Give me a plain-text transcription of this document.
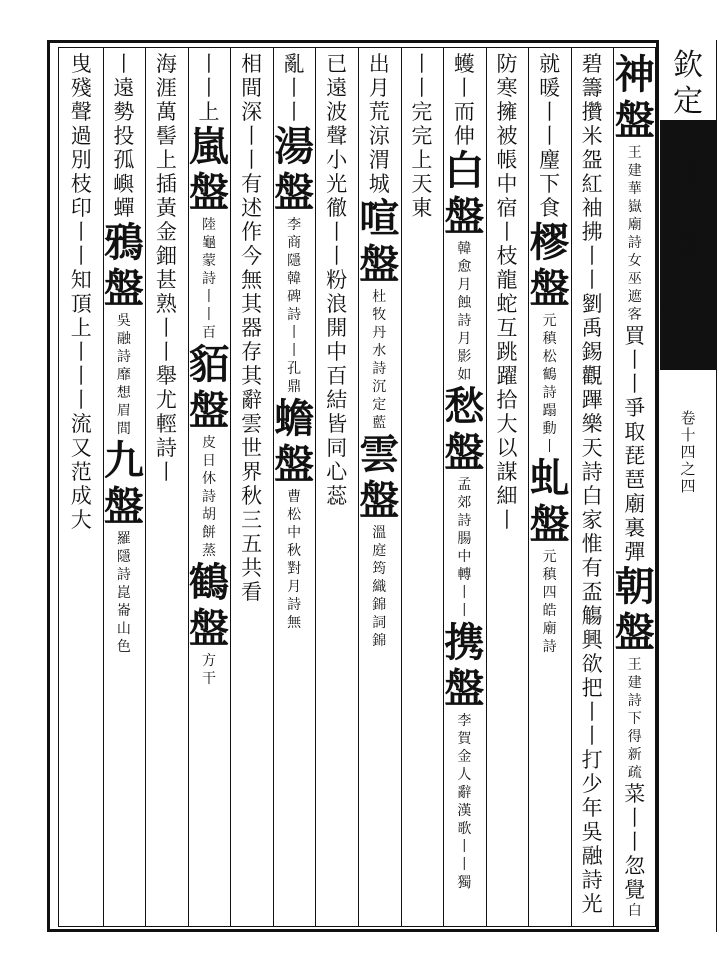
神
盤
王
建
華
嶽
廟
詩
女
巫
遮
客
買
丨
丨
爭
取
琵
琶
廟
裏
彈
朝
盤
王
建
詩
下
得
新
疏
菜
丨
丨
忽
覺
白
碧
籌
攢
米
盌
紅
袖
拂
丨
丨
劉
禹
錫
觀
蹕
樂
天
詩
白
家
惟
有
盃
觴
興
欲
把
丨
丨
打
少
年
吳
融
詩
光
就
暖
丨
丨
麈
下
食
樛
盤
元
稹
松
鶴
詩
蹋
動
丨
虬
盤
元
稹
四
皓
廟
詩
防
寒
擁
被
帳
中
宿
丨
枝
龍
蛇
互
跳
躍
拾
大
以
謀
細
丨
蠖
丨
而
伸
白
盤
韓
愈
月
蝕
詩
月
影
如
愁
盤
孟
郊
詩
腸
中
轉
丨
丨
携
盤
李
賀
金
人
辭
漢
歌
丨
丨
獨
丨
丨
完
完
上
天
東
出
月
荒
涼
渭
城
喧
盤
杜
牧
丹
水
詩
沉
定
藍
雲
盤
溫
庭
筠
織
錦
詞
錦
已
遠
波
聲
小
光
徹
丨
丨
粉
浪
開
中
百
結
皆
同
心
蕊
亂
丨
丨
湯
盤
李
商
隱
韓
碑
詩
丨
丨
孔
鼎
蟾
盤
曹
松
中
秋
對
月
詩
無
相
間
深
丨
丨
有
述
作
今
無
其
器
存
其
辭
雲
世
界
秋
三
五
共
看
丨
丨
上
嵐
盤
陸
龜
蒙
詩
丨
丨
百
貊
盤
皮
日
休
詩
胡
餅
蒸
鶴
盤
方
干
海
涯
萬
髻
上
插
黃
金
鈿
甚
熟
丨
丨
舉
尤
輕
詩
丨
丨
遠
勢
投
孤
嶼
蟬
鴉
盤
吳
融
詩
靡
想
眉
間
九
盤
羅
隱
詩
崑
崙
山
色
曳
殘
聲
過
別
枝
印
丨
丨
知
頂
上
丨
丨
丨
流
又
范
成
大
欽
定
四
庫
全
書
卷
十
四
之
四
